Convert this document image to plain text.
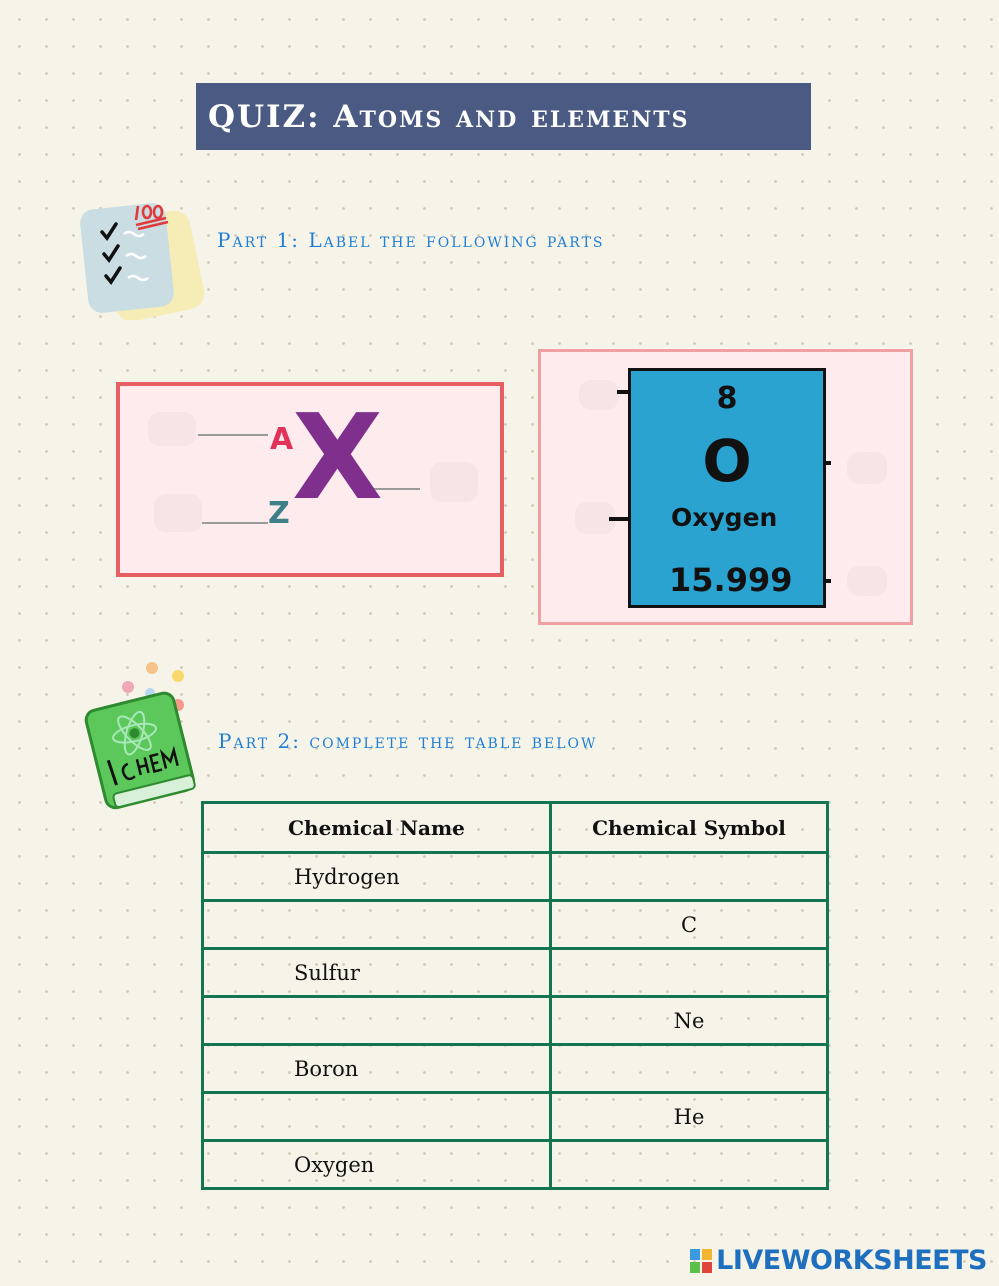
QUIZ: Atoms and elements
Part 1: Label the following parts
A
Z X	8
O
Oxygen
15.999
Part 2: complete the table below
Chemical Name	Chemical Symbol
Hydrogen	
	C
Sulfur	
	Ne
Boron	
	He
Oxygen	
LIVEWORKSHEETS
